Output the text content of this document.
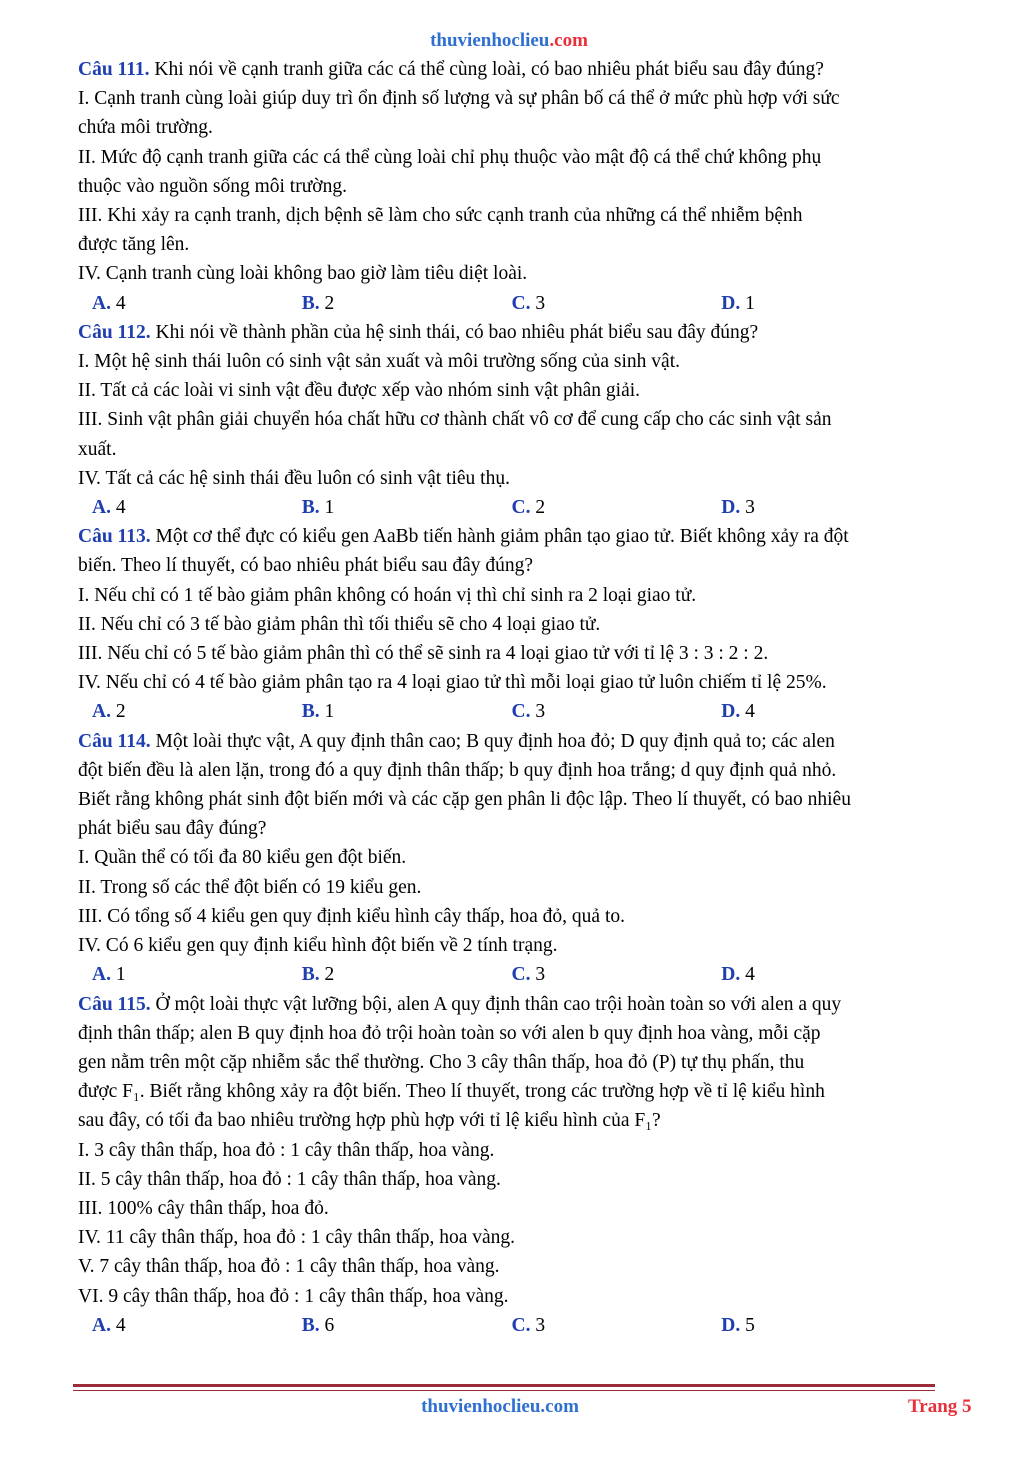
thuvienhoclieu.com
Câu 111. Khi nói về cạnh tranh giữa các cá thể cùng loài, có bao nhiêu phát biểu sau đây đúng?
I. Cạnh tranh cùng loài giúp duy trì ổn định số lượng và sự phân bố cá thể ở mức phù hợp với sức
chứa môi trường.
II. Mức độ cạnh tranh giữa các cá thể cùng loài chỉ phụ thuộc vào mật độ cá thể chứ không phụ
thuộc vào nguồn sống môi trường.
III. Khi xảy ra cạnh tranh, dịch bệnh sẽ làm cho sức cạnh tranh của những cá thể nhiễm bệnh
được tăng lên.
IV. Cạnh tranh cùng loài không bao giờ làm tiêu diệt loài.
A. 4	B. 2	C. 3	D. 1
Câu 112. Khi nói về thành phần của hệ sinh thái, có bao nhiêu phát biểu sau đây đúng?
I. Một hệ sinh thái luôn có sinh vật sản xuất và môi trường sống của sinh vật.
II. Tất cả các loài vi sinh vật đều được xếp vào nhóm sinh vật phân giải.
III. Sinh vật phân giải chuyển hóa chất hữu cơ thành chất vô cơ để cung cấp cho các sinh vật sản
xuất.
IV. Tất cả các hệ sinh thái đều luôn có sinh vật tiêu thụ.
A. 4	B. 1	C. 2	D. 3
Câu 113. Một cơ thể đực có kiểu gen AaBb tiến hành giảm phân tạo giao tử. Biết không xảy ra đột
biến. Theo lí thuyết, có bao nhiêu phát biểu sau đây đúng?
I. Nếu chỉ có 1 tế bào giảm phân không có hoán vị thì chỉ sinh ra 2 loại giao tử.
II. Nếu chỉ có 3 tế bào giảm phân thì tối thiểu sẽ cho 4 loại giao tử.
III. Nếu chỉ có 5 tế bào giảm phân thì có thể sẽ sinh ra 4 loại giao tử với tỉ lệ 3 : 3 : 2 : 2.
IV. Nếu chỉ có 4 tế bào giảm phân tạo ra 4 loại giao tử thì mỗi loại giao tử luôn chiếm tỉ lệ 25%.
A. 2	B. 1	C. 3	D. 4
Câu 114. Một loài thực vật, A quy định thân cao; B quy định hoa đỏ; D quy định quả to; các alen
đột biến đều là alen lặn, trong đó a quy định thân thấp; b quy định hoa trắng; d quy định quả nhỏ.
Biết rằng không phát sinh đột biến mới và các cặp gen phân li độc lập. Theo lí thuyết, có bao nhiêu
phát biểu sau đây đúng?
I. Quần thể có tối đa 80 kiểu gen đột biến.
II. Trong số các thể đột biến có 19 kiểu gen.
III. Có tổng số 4 kiểu gen quy định kiểu hình cây thấp, hoa đỏ, quả to.
IV. Có 6 kiểu gen quy định kiểu hình đột biến về 2 tính trạng.
A. 1	B. 2	C. 3	D. 4
Câu 115. Ở một loài thực vật lưỡng bội, alen A quy định thân cao trội hoàn toàn so với alen a quy
định thân thấp; alen B quy định hoa đỏ trội hoàn toàn so với alen b quy định hoa vàng, mỗi cặp
gen nằm trên một cặp nhiễm sắc thể thường. Cho 3 cây thân thấp, hoa đỏ (P) tự thụ phấn, thu
được F₁. Biết rằng không xảy ra đột biến. Theo lí thuyết, trong các trường hợp về tỉ lệ kiểu hình
sau đây, có tối đa bao nhiêu trường hợp phù hợp với tỉ lệ kiểu hình của F₁?
I. 3 cây thân thấp, hoa đỏ : 1 cây thân thấp, hoa vàng.
II. 5 cây thân thấp, hoa đỏ : 1 cây thân thấp, hoa vàng.
III. 100% cây thân thấp, hoa đỏ.
IV. 11 cây thân thấp, hoa đỏ : 1 cây thân thấp, hoa vàng.
V. 7 cây thân thấp, hoa đỏ : 1 cây thân thấp, hoa vàng.
VI. 9 cây thân thấp, hoa đỏ : 1 cây thân thấp, hoa vàng.
A. 4	B. 6	C. 3	D. 5
thuvienhoclieu.com	Trang 5
